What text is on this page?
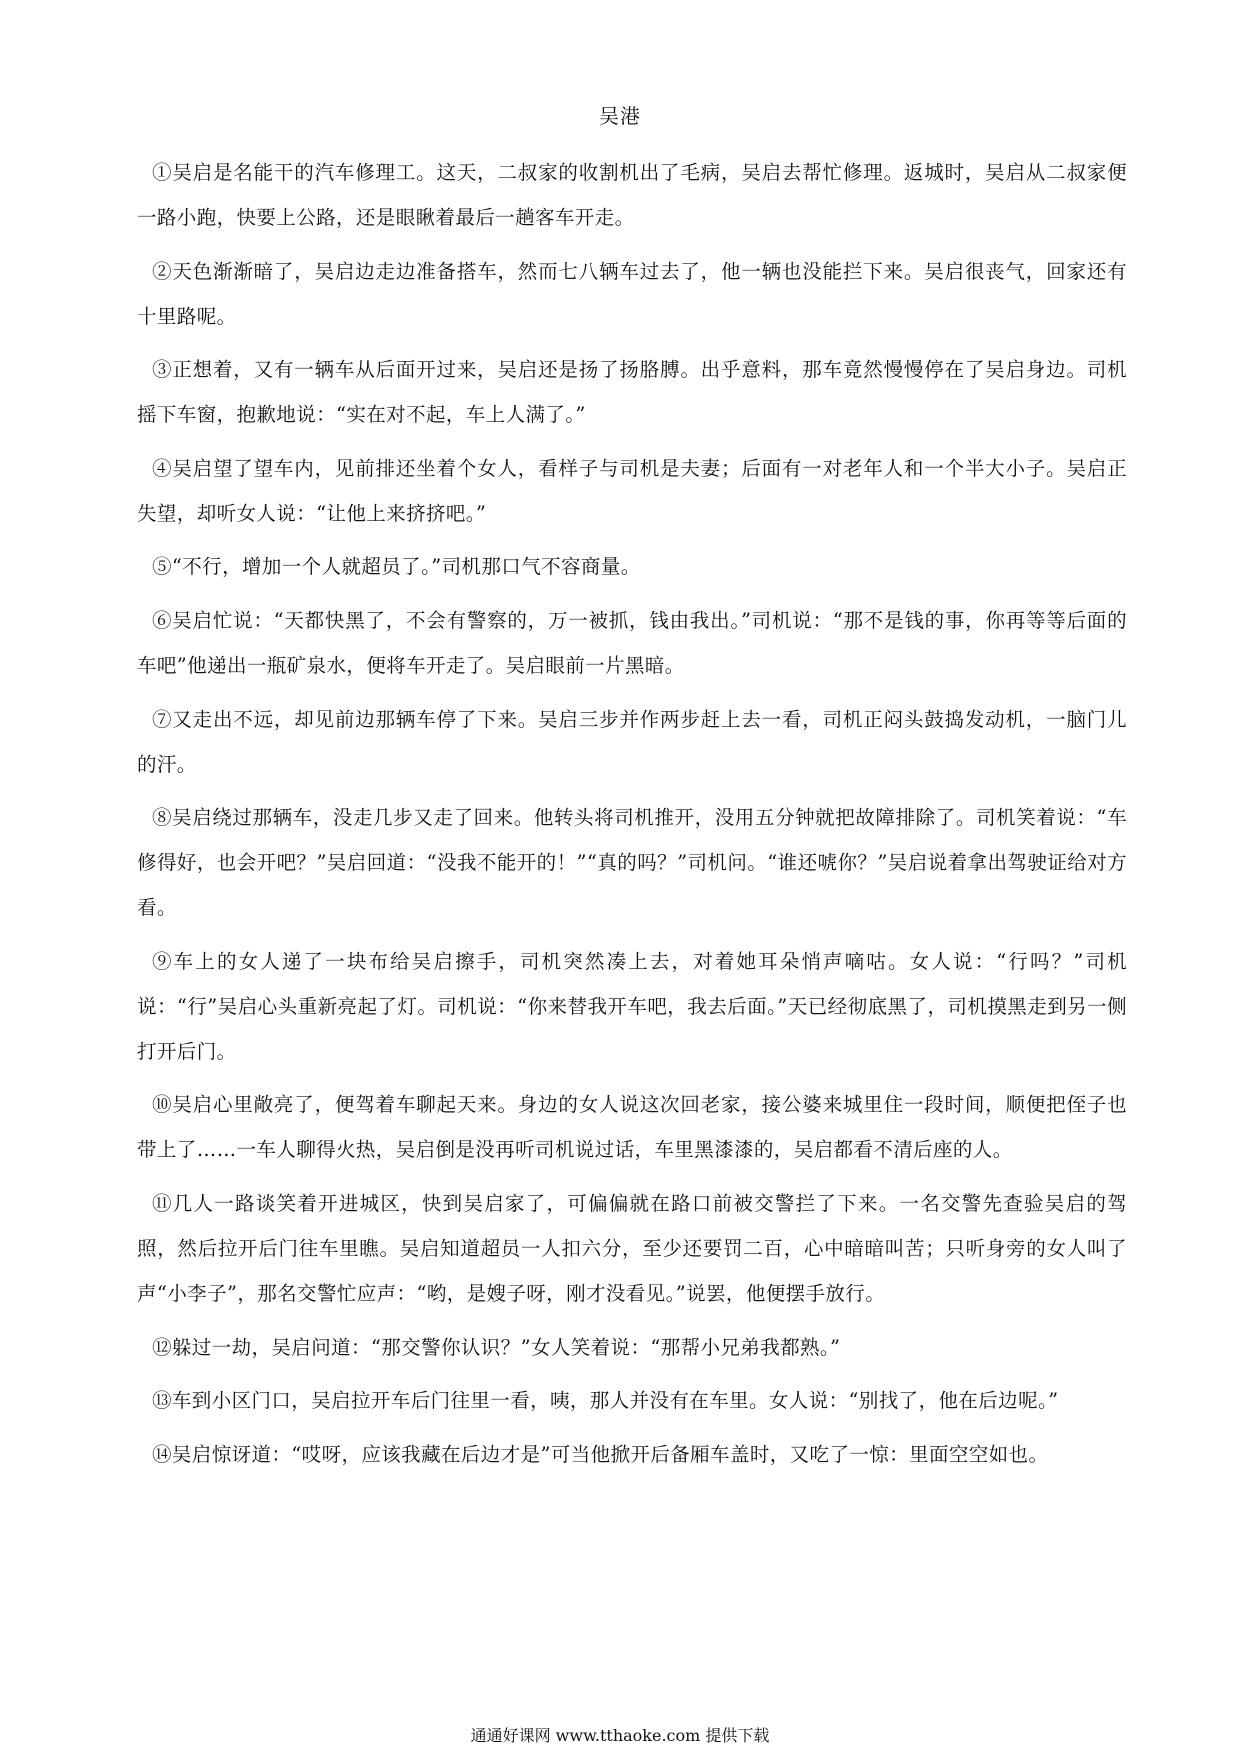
吴港

①吴启是名能干的汽车修理工。这天，二叔家的收割机出了毛病，吴启去帮忙修理。返城时，吴启从二叔家便一路小跑，快要上公路，还是眼瞅着最后一趟客车开走。

②天色渐渐暗了，吴启边走边准备搭车，然而七八辆车过去了，他一辆也没能拦下来。吴启很丧气，回家还有十里路呢。

③正想着，又有一辆车从后面开过来，吴启还是扬了扬胳膊。出乎意料，那车竟然慢慢停在了吴启身边。司机摇下车窗，抱歉地说：“实在对不起，车上人满了。”

④吴启望了望车内，见前排还坐着个女人，看样子与司机是夫妻；后面有一对老年人和一个半大小子。吴启正失望，却听女人说：“让他上来挤挤吧。”

⑤“不行，增加一个人就超员了。”司机那口气不容商量。

⑥吴启忙说：“天都快黑了，不会有警察的，万一被抓，钱由我出。”司机说：“那不是钱的事，你再等等后面的车吧”他递出一瓶矿泉水，便将车开走了。吴启眼前一片黑暗。

⑦又走出不远，却见前边那辆车停了下来。吴启三步并作两步赶上去一看，司机正闷头鼓捣发动机，一脑门儿的汗。

⑧吴启绕过那辆车，没走几步又走了回来。他转头将司机推开，没用五分钟就把故障排除了。司机笑着说：“车修得好，也会开吧？”吴启回道：“没我不能开的！”“真的吗？”司机问。“谁还唬你？”吴启说着拿出驾驶证给对方看。

⑨车上的女人递了一块布给吴启擦手，司机突然凑上去，对着她耳朵悄声嘀咕。女人说：“行吗？”司机说：“行”吴启心头重新亮起了灯。司机说：“你来替我开车吧，我去后面。”天已经彻底黑了，司机摸黑走到另一侧打开后门。

⑩吴启心里敞亮了，便驾着车聊起天来。身边的女人说这次回老家，接公婆来城里住一段时间，顺便把侄子也带上了……一车人聊得火热，吴启倒是没再听司机说过话，车里黑漆漆的，吴启都看不清后座的人。

⑪几人一路谈笑着开进城区，快到吴启家了，可偏偏就在路口前被交警拦了下来。一名交警先查验吴启的驾照，然后拉开后门往车里瞧。吴启知道超员一人扣六分，至少还要罚二百，心中暗暗叫苦；只听身旁的女人叫了声“小李子”，那名交警忙应声：“哟，是嫂子呀，刚才没看见。”说罢，他便摆手放行。

⑫躲过一劫，吴启问道：“那交警你认识？”女人笑着说：“那帮小兄弟我都熟。”

⑬车到小区门口，吴启拉开车后门往里一看，咦，那人并没有在车里。女人说：“别找了，他在后边呢。”

⑭吴启惊讶道：“哎呀，应该我藏在后边才是”可当他掀开后备厢车盖时，又吃了一惊：里面空空如也。

通通好课网 www.tthaoke.com 提供下载
